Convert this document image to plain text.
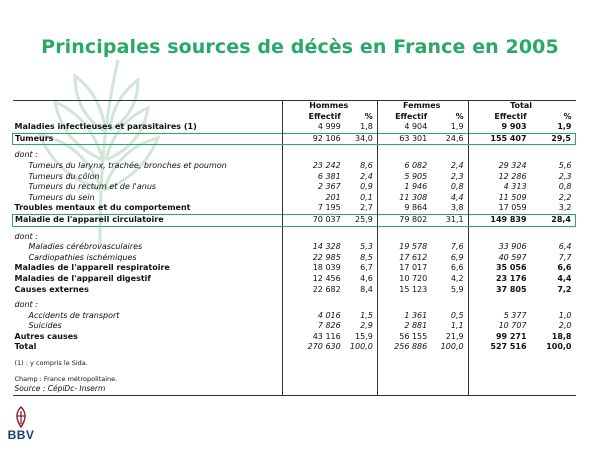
Principales sources de décès en France en 2005
	Hommes		Femmes		Total	
	Effectif	%	Effectif	%	Effectif	%
Maladies infectieuses et parasitaires (1)	4 999	1,8	4 904	1,9	9 903	1,9
Tumeurs	92 106	34,0	63 301	24,6	155 407	29,5

dont :						
Tumeurs du larynx, trachée, bronches et poumon	23 242	8,6	6 082	2,4	29 324	5,6
Tumeurs du côlon	6 381	2,4	5 905	2,3	12 286	2,3
Tumeurs du rectum et de l'anus	2 367	0,9	1 946	0,8	4 313	0,8
Tumeurs du sein	201	0,1	11 308	4,4	11 509	2,2
Troubles mentaux et du comportement	7 195	2,7	9 864	3,8	17 059	3,2
Maladie de l'appareil circulatoire	70 037	25,9	79 802	31,1	149 839	28,4

dont :						
Maladies cérébrovasculaires	14 328	5,3	19 578	7,6	33 906	6,4
Cardiopathies ischémiques	22 985	8,5	17 612	6,9	40 597	7,7
Maladies de l'appareil respiratoire	18 039	6,7	17 017	6,6	35 056	6,6
Maladies de l'appareil digestif	12 456	4,6	10 720	4,2	23 176	4,4
Causes externes	22 682	8,4	15 123	5,9	37 805	7,2

dont :						
Accidents de transport	4 016	1,5	1 361	0,5	5 377	1,0
Suicides	7 826	2,9	2 881	1,1	10 707	2,0
Autres causes	43 116	15,9	56 155	21,9	99 271	18,8
Total	270 630	100,0	256 886	100,0	527 516	100,0

(1) : y compris le Sida.						

Champ : France métropolitaine.						
Source : CépiDc- Inserm						
BBV
